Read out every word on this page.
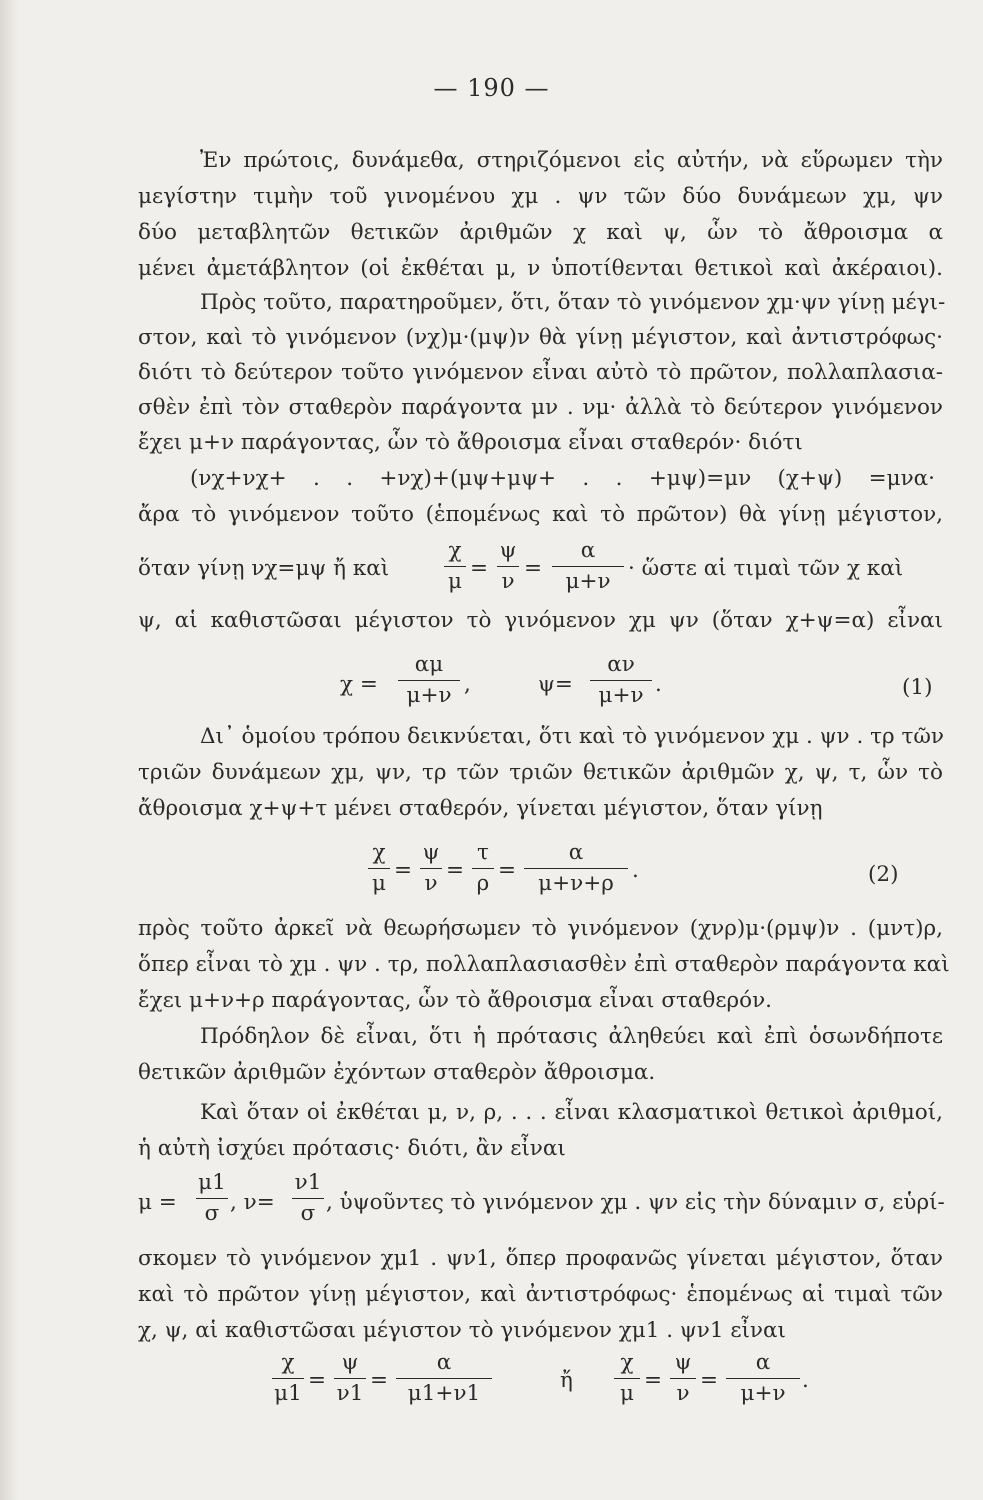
— 190 —
Ἐν πρώτοις, δυνάμεθα, στηριζόμενοι εἰς αὐτήν, νὰ εὕρωμεν τὴν
μεγίστην τιμὴν τοῦ γινομένου χμ . ψν τῶν δύο δυνάμεων χμ, ψν
δύο μεταβλητῶν θετικῶν ἀριθμῶν χ καὶ ψ, ὧν τὸ ἄθροισμα α
μένει ἀμετάβλητον (οἱ ἐκθέται μ, ν ὑποτίθενται θετικοὶ καὶ ἀκέραιοι).
Πρὸς τοῦτο, παρατηροῦμεν, ὅτι, ὅταν τὸ γινόμενον χμ·ψν γίνῃ μέγι-
στον, καὶ τὸ γινόμενον (νχ)μ·(μψ)ν θὰ γίνῃ μέγιστον, καὶ ἀντιστρόφως·
διότι τὸ δεύτερον τοῦτο γινόμενον εἶναι αὐτὸ τὸ πρῶτον, πολλαπλασια-
σθὲν ἐπὶ τὸν σταθερὸν παράγοντα μν . νμ· ἀλλὰ τὸ δεύτερον γινόμενον
ἔχει μ+ν παράγοντας, ὧν τὸ ἄθροισμα εἶναι σταθερόν· διότι
(νχ+νχ+ . . +νχ)+(μψ+μψ+ . . +μψ)=μν (χ+ψ) =μνα·
ἄρα τὸ γινόμενον τοῦτο (ἑπομένως καὶ τὸ πρῶτον) θὰ γίνῃ μέγιστον,
ὅταν γίνῃ νχ=μψ ἤ καὶ
χ
μ
=
ψ
ν
=
α
μ+ν
· ὥστε αἱ τιμαὶ τῶν χ καὶ
ψ, αἱ καθιστῶσαι μέγιστον τὸ γινόμενον χμ ψν (ὅταν χ+ψ=α) εἶναι
χ =
αμ
μ+ν ,	ψ=
αν
μ+ν .	(1)
Δι᾽ ὁμοίου τρόπου δεικνύεται, ὅτι καὶ τὸ γινόμενον χμ . ψν . τρ τῶν
τριῶν δυνάμεων χμ, ψν, τρ τῶν τριῶν θετικῶν ἀριθμῶν χ, ψ, τ, ὧν τὸ
ἄθροισμα χ+ψ+τ μένει σταθερόν, γίνεται μέγιστον, ὅταν γίνῃ
χ
μ
=
ψ
ν
=
τ
ρ
=
α
μ+ν+ρ
.	(2)
πρὸς τοῦτο ἀρκεῖ νὰ θεωρήσωμεν τὸ γινόμενον (χνρ)μ·(ρμψ)ν . (μντ)ρ,
ὅπερ εἶναι τὸ χμ . ψν . τρ, πολλαπλασιασθὲν ἐπὶ σταθερὸν παράγοντα καὶ
ἔχει μ+ν+ρ παράγοντας, ὧν τὸ ἄθροισμα εἶναι σταθερόν.
Πρόδηλον δὲ εἶναι, ὅτι ἡ πρότασις ἀληθεύει καὶ ἐπὶ ὁσωνδήποτε
θετικῶν ἀριθμῶν ἐχόντων σταθερὸν ἄθροισμα.
Καὶ ὅταν οἱ ἐκθέται μ, ν, ρ, . . . εἶναι κλασματικοὶ θετικοὶ ἀριθμοί,
ἡ αὐτὴ ἰσχύει πρότασις· διότι, ἂν εἶναι
μ =
μ1
σ , ν=
ν1
σ , ὑψοῦντες τὸ γινόμενον χμ . ψν εἰς τὴν δύναμιν σ, εὑρί-
σκομεν τὸ γινόμενον χμ1 . ψν1, ὅπερ προφανῶς γίνεται μέγιστον, ὅταν
καὶ τὸ πρῶτον γίνῃ μέγιστον, καὶ ἀντιστρόφως· ἑπομένως αἱ τιμαὶ τῶν
χ, ψ, αἱ καθιστῶσαι μέγιστον τὸ γινόμενον χμ1 . ψν1 εἶναι
χ
μ1
=
ψ
ν1
=
α
μ1+ν1
ἤ
χ
μ
=
ψ
ν
=
α
μ+ν
.
